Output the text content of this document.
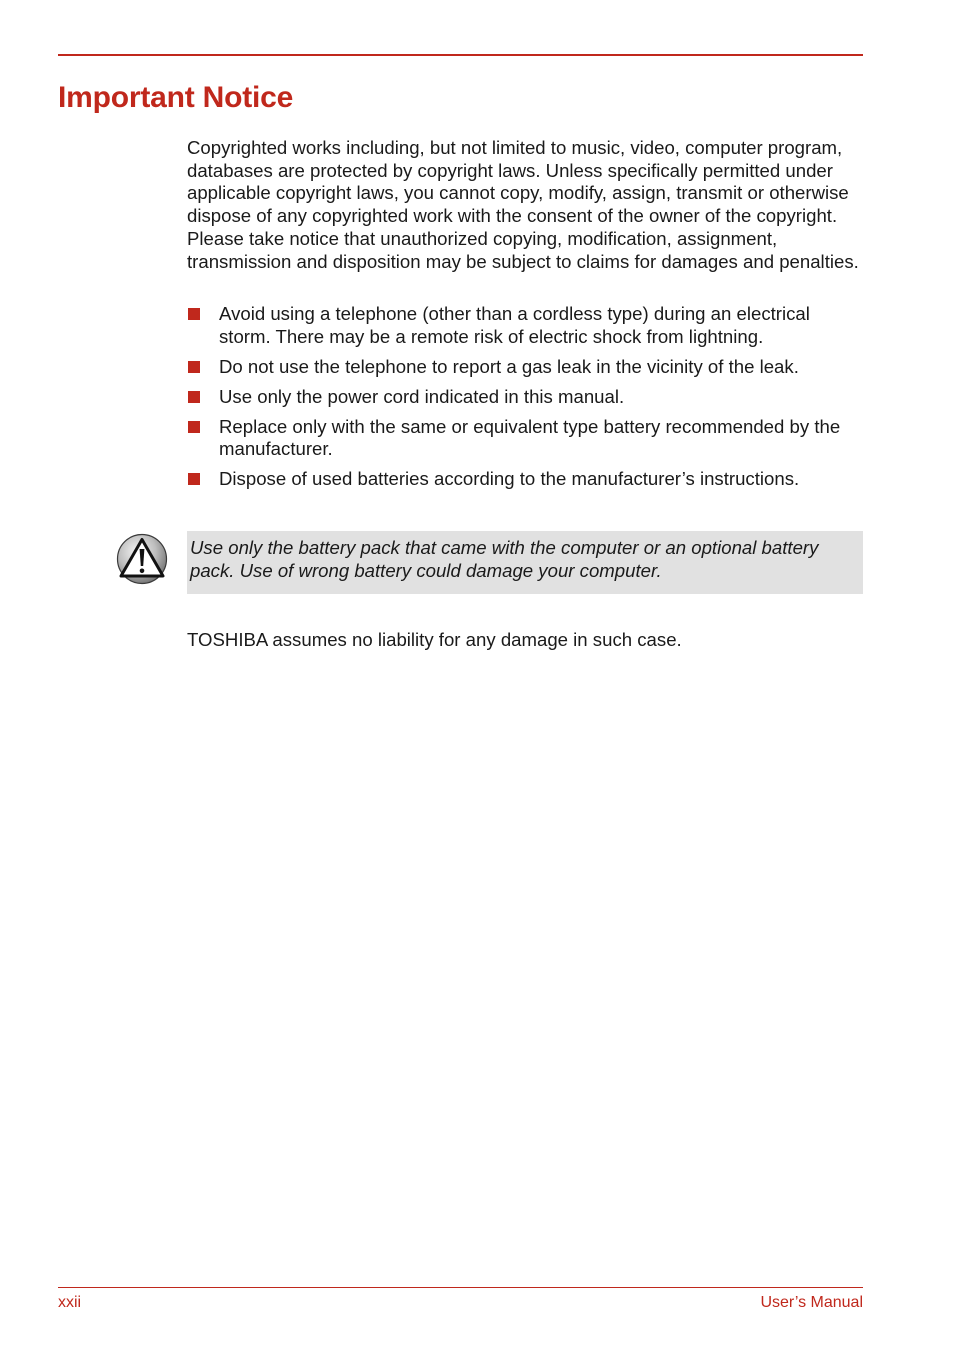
Important Notice

Copyrighted works including, but not limited to music, video, computer program, databases are protected by copyright laws. Unless specifically permitted under applicable copyright laws, you cannot copy, modify, assign, transmit or otherwise dispose of any copyrighted work with the consent of the owner of the copyright. Please take notice that unauthorized copying, modification, assignment, transmission and disposition may be subject to claims for damages and penalties.

Avoid using a telephone (other than a cordless type) during an electrical storm. There may be a remote risk of electric shock from lightning.
Do not use the telephone to report a gas leak in the vicinity of the leak.
Use only the power cord indicated in this manual.
Replace only with the same or equivalent type battery recommended by the manufacturer.
Dispose of used batteries according to the manufacturer’s instructions.

Use only the battery pack that came with the computer or an optional battery pack. Use of wrong battery could damage your computer.

TOSHIBA assumes no liability for any damage in such case.

xxii	User’s Manual
